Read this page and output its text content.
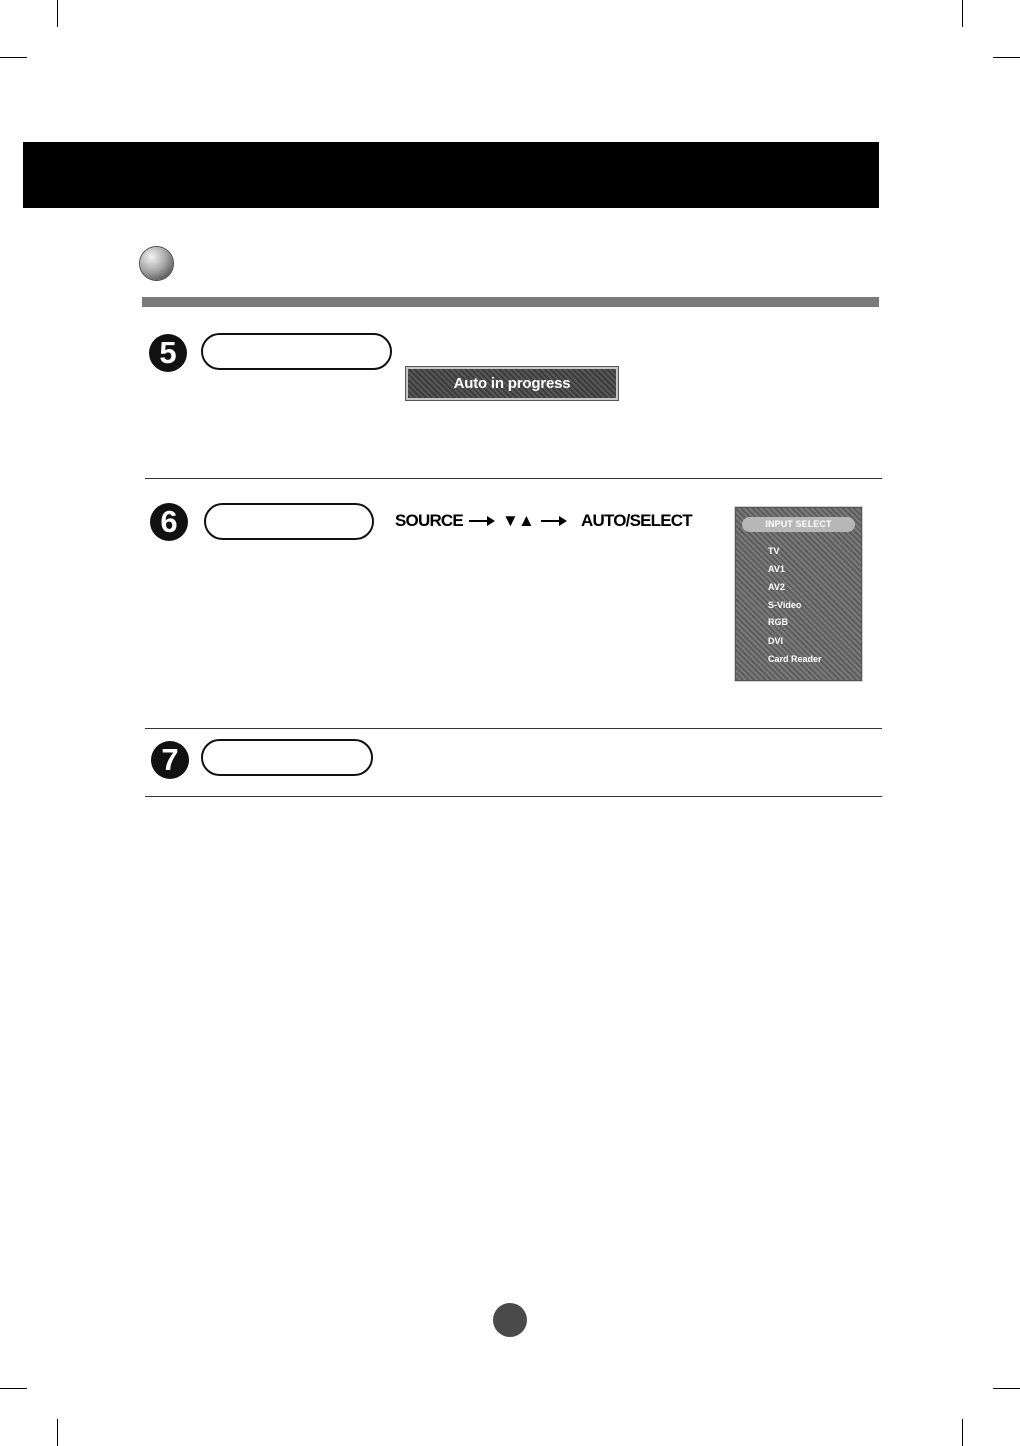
5
Auto in progress
6	SOURCE ▼▲	AUTO/SELECT	INPUT SELECT
TV
AV1
AV2
S-Video
RGB
DVI
Card Reader
7
